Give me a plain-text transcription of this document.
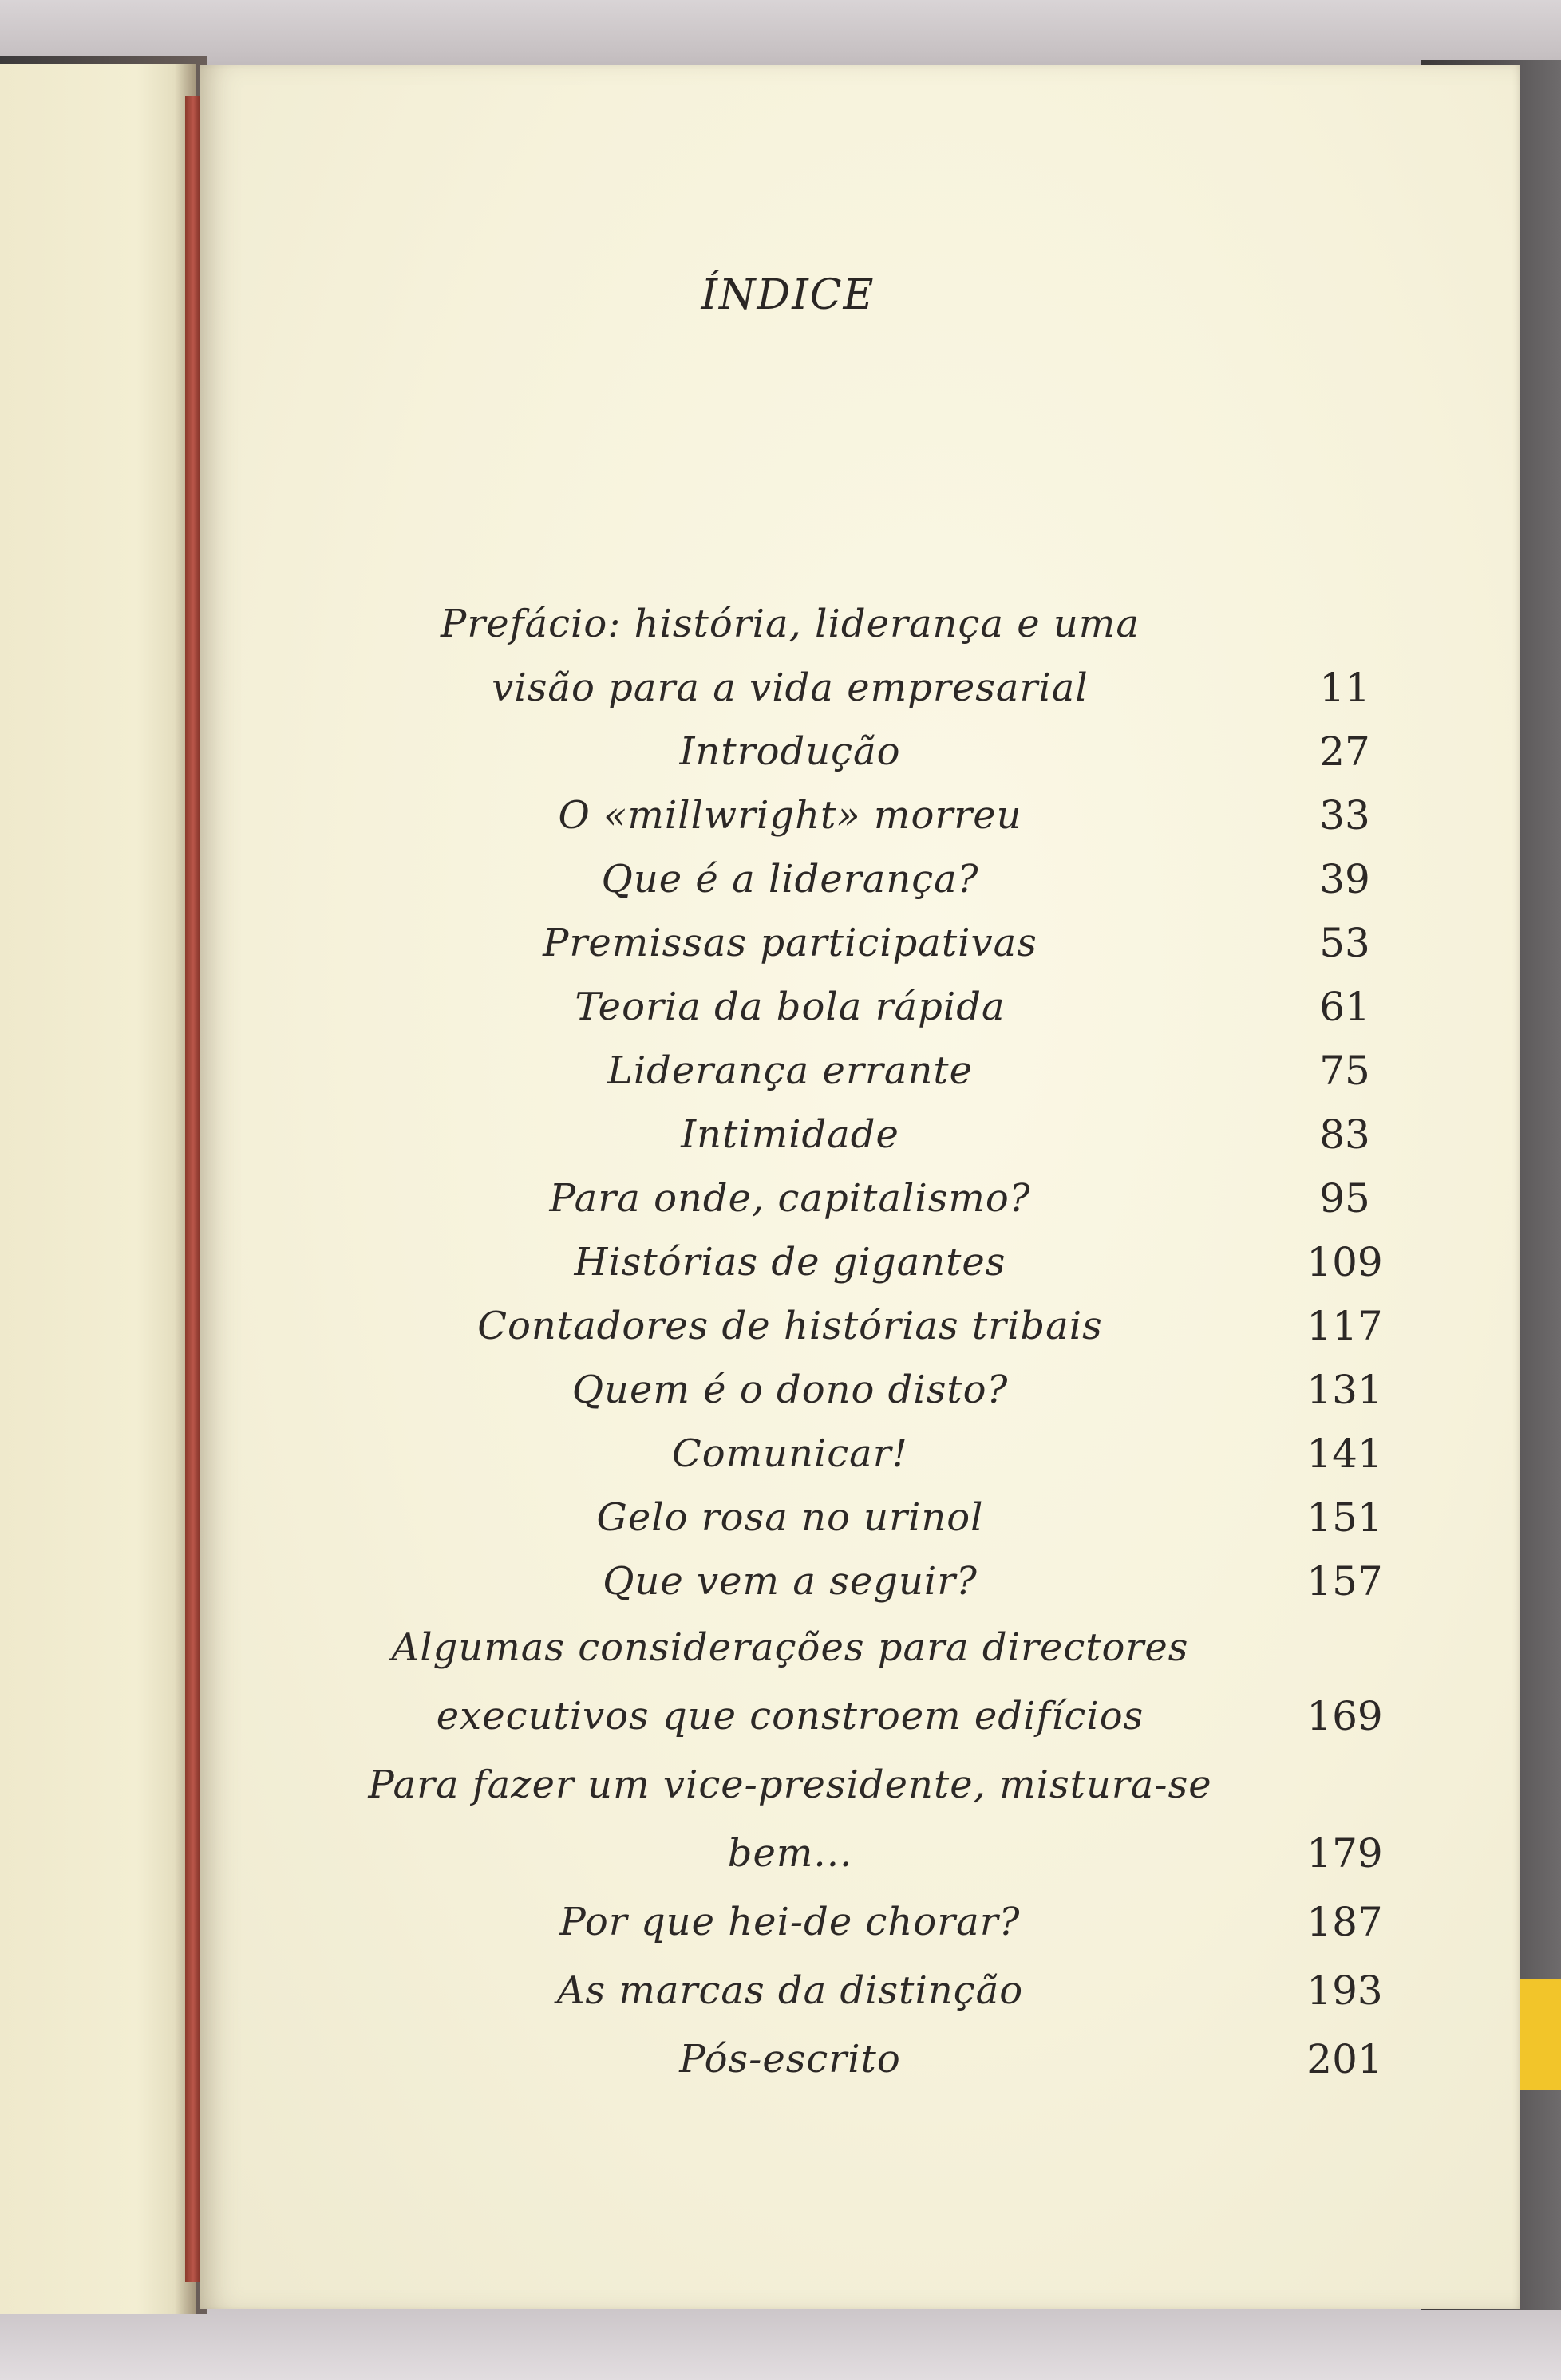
ÍNDICE
Prefácio: história, liderança e uma
visão para a vida empresarial	11
Introdução	27
O «millwright» morreu	33
Que é a liderança?	39
Premissas participativas	53
Teoria da bola rápida	61
Liderança errante	75
Intimidade	83
Para onde, capitalismo?	95
Histórias de gigantes	109
Contadores de histórias tribais	117
Quem é o dono disto?	131
Comunicar!	141
Gelo rosa no urinol	151
Que vem a seguir?	157
Algumas considerações para directores
executivos que constroem edifícios	169
Para fazer um vice-presidente, mistura-se
bem...	179
Por que hei-de chorar?	187
As marcas da distinção	193
Pós-escrito	201
